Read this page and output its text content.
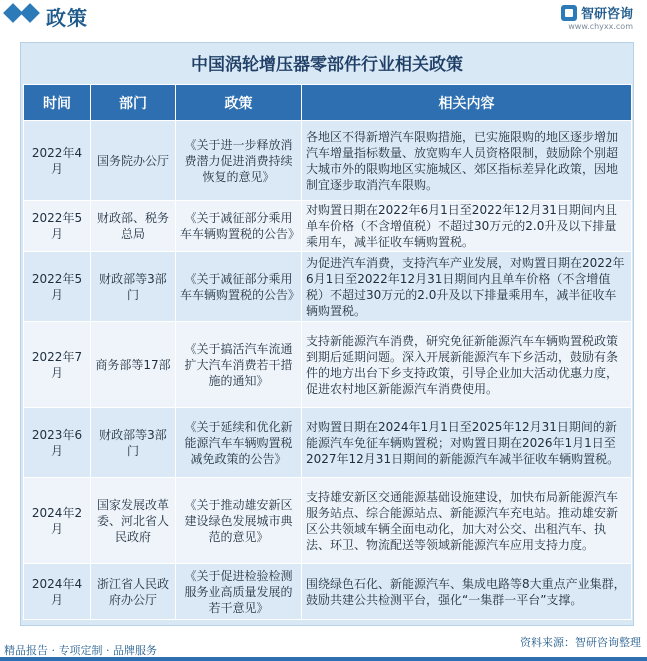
政策	智研咨询
www.chyxx.com
中国涡轮增压器零部件行业相关政策
时间	部门	政策	相关内容
2022年4月	国务院办公厅	《关于进一步释放消费潜力促进消费持续恢复的意见》	各地区不得新增汽车限购措施，已实施限购的地区逐步增加汽车增量指标数量、放宽购车人员资格限制，鼓励除个别超大城市外的限购地区实施城区、郊区指标差异化政策，因地制宜逐步取消汽车限购。
2022年5月	财政部、税务总局	《关于减征部分乘用车车辆购置税的公告》	对购置日期在2022年6月1日至2022年12月31日期间内且单车价格（不含增值税）不超过30万元的2.0升及以下排量乘用车，减半征收车辆购置税。
2022年5月	财政部等3部门	《关于减征部分乘用车车辆购置税的公告》	为促进汽车消费，支持汽车产业发展，对购置日期在2022年6月1日至2022年12月31日期间内且单车价格（不含增值税）不超过30万元的2.0升及以下排量乘用车，减半征收车辆购置税。
2022年7月	商务部等17部	《关于搞活汽车流通扩大汽车消费若干措施的通知》	支持新能源汽车消费，研究免征新能源汽车车辆购置税政策到期后延期问题。深入开展新能源汽车下乡活动，鼓励有条件的地方出台下乡支持政策，引导企业加大活动优惠力度，促进农村地区新能源汽车消费使用。
2023年6月	财政部等3部门	《关于延续和优化新能源汽车车辆购置税减免政策的公告》	对购置日期在2024年1月1日至2025年12月31日期间的新能源汽车免征车辆购置税；对购置日期在2026年1月1日至2027年12月31日期间的新能源汽车减半征收车辆购置税。
2024年2月	国家发展改革委、河北省人民政府	《关于推动雄安新区建设绿色发展城市典范的意见》	支持雄安新区交通能源基础设施建设，加快布局新能源汽车服务站点、综合能源站点、新能源汽车充电站。推动雄安新区公共领域车辆全面电动化，加大对公交、出租汽车、执法、环卫、物流配送等领域新能源汽车应用支持力度。
2024年4月	浙江省人民政府办公厅	《关于促进检验检测服务业高质量发展的若干意见》	围绕绿色石化、新能源汽车、集成电路等8大重点产业集群，鼓励共建公共检测平台，强化“一集群一平台”支撑。
精品报告 · 专项定制 · 品牌服务
资料来源：智研咨询整理
